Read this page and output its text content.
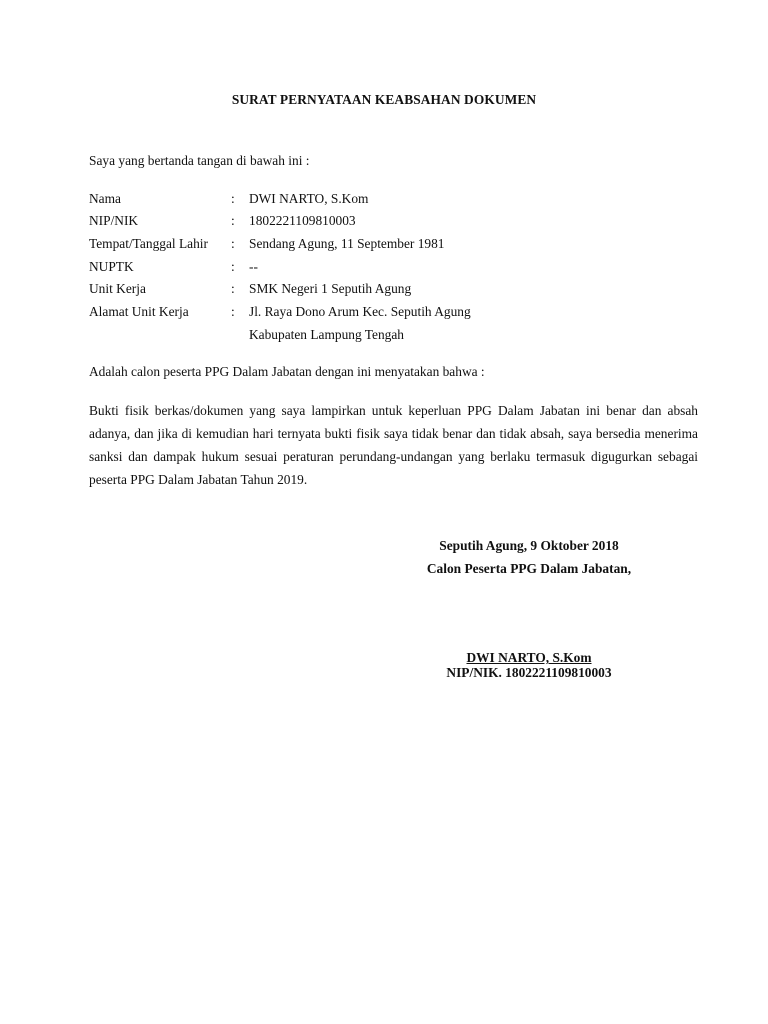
SURAT PERNYATAAN KEABSAHAN DOKUMEN
Saya yang bertanda tangan di bawah ini :
Nama	: DWI NARTO, S.Kom
NIP/NIK	: 1802221109810003
Tempat/Tanggal Lahir : Sendang Agung, 11 September 1981
NUPTK	: --
Unit Kerja	: SMK Negeri 1 Seputih Agung
Alamat Unit Kerja	: Jl. Raya Dono Arum Kec. Seputih Agung
Kabupaten Lampung Tengah
Adalah calon peserta PPG Dalam Jabatan dengan ini menyatakan bahwa :
Bukti fisik berkas/dokumen yang saya lampirkan untuk keperluan PPG Dalam Jabatan ini benar dan absah adanya, dan jika di kemudian hari ternyata bukti fisik saya tidak benar dan tidak absah, saya bersedia menerima sanksi dan dampak hukum sesuai peraturan perundang-undangan yang berlaku termasuk digugurkan sebagai peserta PPG Dalam Jabatan Tahun 2019.
Seputih Agung, 9 Oktober 2018
Calon Peserta PPG Dalam Jabatan,
DWI NARTO, S.Kom
NIP/NIK. 1802221109810003
